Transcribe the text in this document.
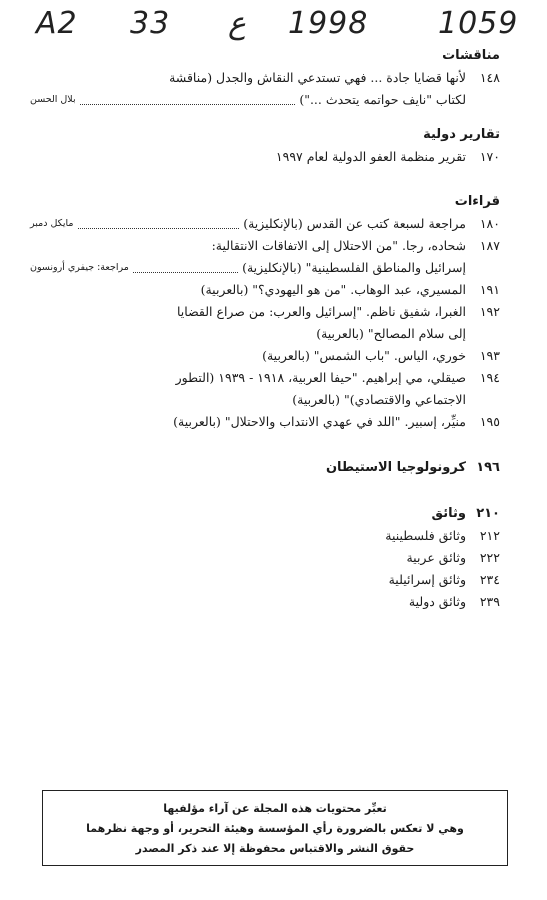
A2 33 ع 1998 1059
مناقشات
١٤٨
لأنها قضايا جادة ... فهي تستدعي النقاش والجدل (مناقشة
لكتاب "نايف حواتمه يتحدث ...")
بلال الحسن
تقارير دولية
١٧٠
تقرير منظمة العفو الدولية لعام ١٩٩٧
قراءات
١٨٠
مراجعة لسبعة كتب عن القدس (بالإنكليزية)
مايكل دمبر
١٨٧
شحاده، رجا. "من الاحتلال إلى الاتفاقات الانتقالية:
إسرائيل والمناطق الفلسطينية" (بالإنكليزية)
مراجعة: جيفري أرونسون
١٩١
المسيري، عبد الوهاب. "من هو اليهودي؟" (بالعربية)
١٩٢
الغبرا، شفيق ناظم. "إسرائيل والعرب: من صراع القضايا
إلى سلام المصالح" (بالعربية)
١٩٣
خوري، الياس. "باب الشمس" (بالعربية)
١٩٤
صيقلي، مي إبراهيم. "حيفا العربية، ١٩١٨ - ١٩٣٩ (التطور
الاجتماعي والاقتصادي)" (بالعربية)
١٩٥
منيِّر، إسبير. "اللد في عهدي الانتداب والاحتلال" (بالعربية)
١٩٦
كرونولوجيا الاستيطان
٢١٠
وثائق
٢١٢
وثائق فلسطينية
٢٢٢
وثائق عربية
٢٣٤
وثائق إسرائيلية
٢٣٩
وثائق دولية
تعبِّر محتويات هذه المجلة عن آراء مؤلفيها
وهي لا تعكس بالضرورة رأي المؤسسة وهيئة التحرير، أو وجهة نظرهما
حقوق النشر والاقتباس محفوظة إلا عند ذكر المصدر
